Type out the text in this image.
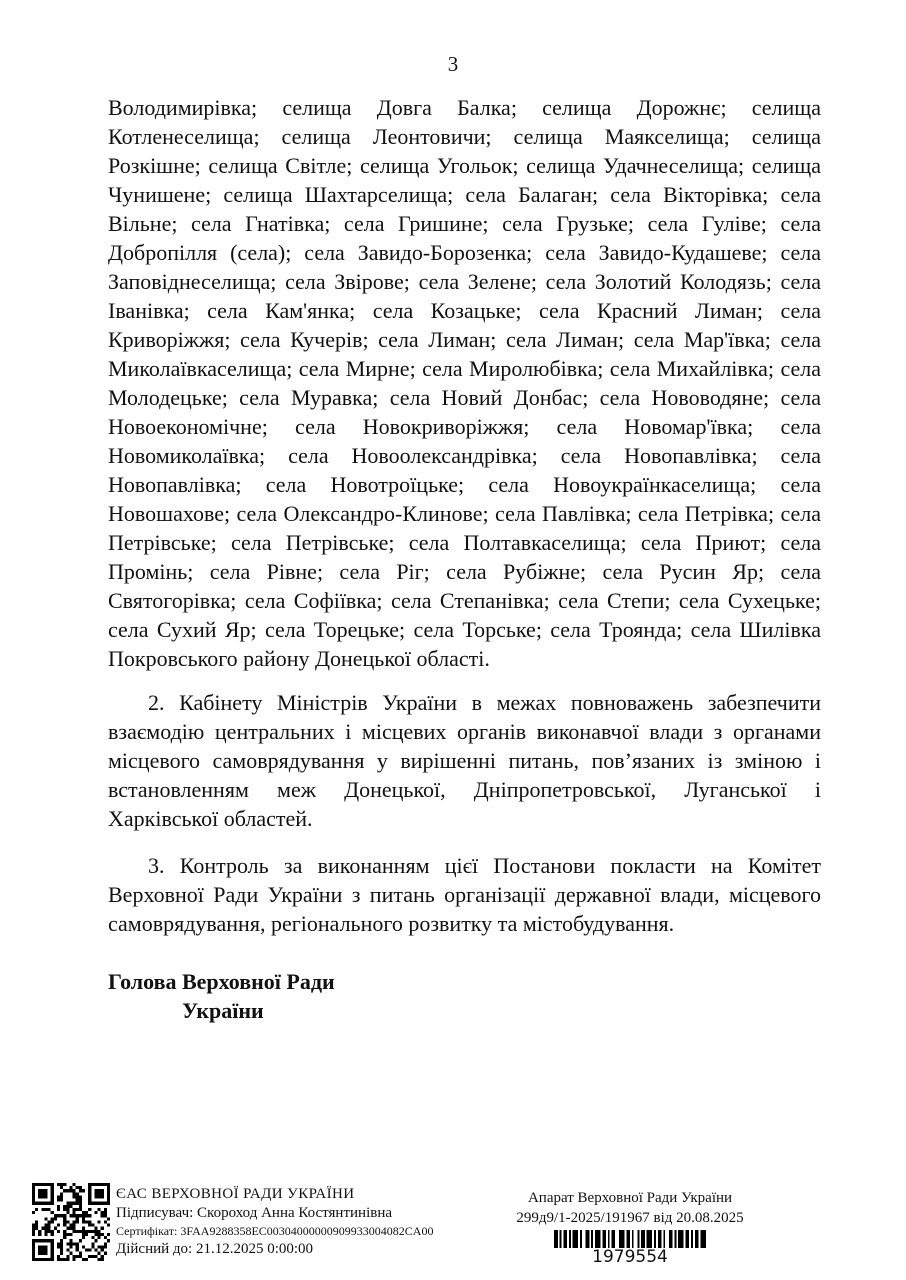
3

Володимирівка; селища Довга Балка; селища Дорожнє; селища Котленеселища; селища Леонтовичи; селища Маякселища; селища Розкішне; селища Світле; селища Угольок; селища Удачнеселища; селища Чунишене; селища Шахтарселища; села Балаган; села Вікторівка; села Вільне; села Гнатівка; села Гришине; села Грузьке; села Гуліве; села Добропілля (села); села Завидо-Борозенка; села Завидо-Кудашеве; села Заповіднеселища; села Звірове; села Зелене; села Золотий Колодязь; села Іванівка; села Кам'янка; села Козацьке; села Красний Лиман; села Криворіжжя; села Кучерів; села Лиман; села Лиман; села Мар'ївка; села Миколаївкаселища; села Мирне; села Миролюбівка; села Михайлівка; села Молодецьке; села Муравка; села Новий Донбас; села Нововодяне; села Новоекономічне; села Новокриворіжжя; села Новомар'ївка; села Новомиколаївка; села Новоолександрівка; села Новопавлівка; села Новопавлівка; села Новотроїцьке; села Новоукраїнкаселища; села Новошахове; села Олександро-Клинове; села Павлівка; села Петрівка; села Петрівське; села Петрівське; села Полтавкаселища; села Приют; села Промінь; села Рівне; села Ріг; села Рубіжне; села Русин Яр; села Святогорівка; села Софіївка; села Степанівка; села Степи; села Сухецьке; села Сухий Яр; села Торецьке; села Торське; села Троянда; села Шилівка Покровського району Донецької області.

2. Кабінету Міністрів України в межах повноважень забезпечити взаємодію центральних і місцевих органів виконавчої влади з органами місцевого самоврядування у вирішенні питань, пов’язаних із зміною і встановленням меж Донецької, Дніпропетровської, Луганської і Харківської областей.

3. Контроль за виконанням цієї Постанови покласти на Комітет Верховної Ради України з питань організації державної влади, місцевого самоврядування, регіонального розвитку та містобудування.

Голова Верховної Ради
України
ЄАС ВЕРХОВНОЇ РАДИ УКРАЇНИ
Підписувач: Скороход Анна Костянтинівна
Сертифікат: 3FAA9288358EC00304000000909933004082CA00
Дійсний до: 21.12.2025 0:00:00
Апарат Верховної Ради України
299д9/1-2025/191967 від 20.08.2025
1979554
